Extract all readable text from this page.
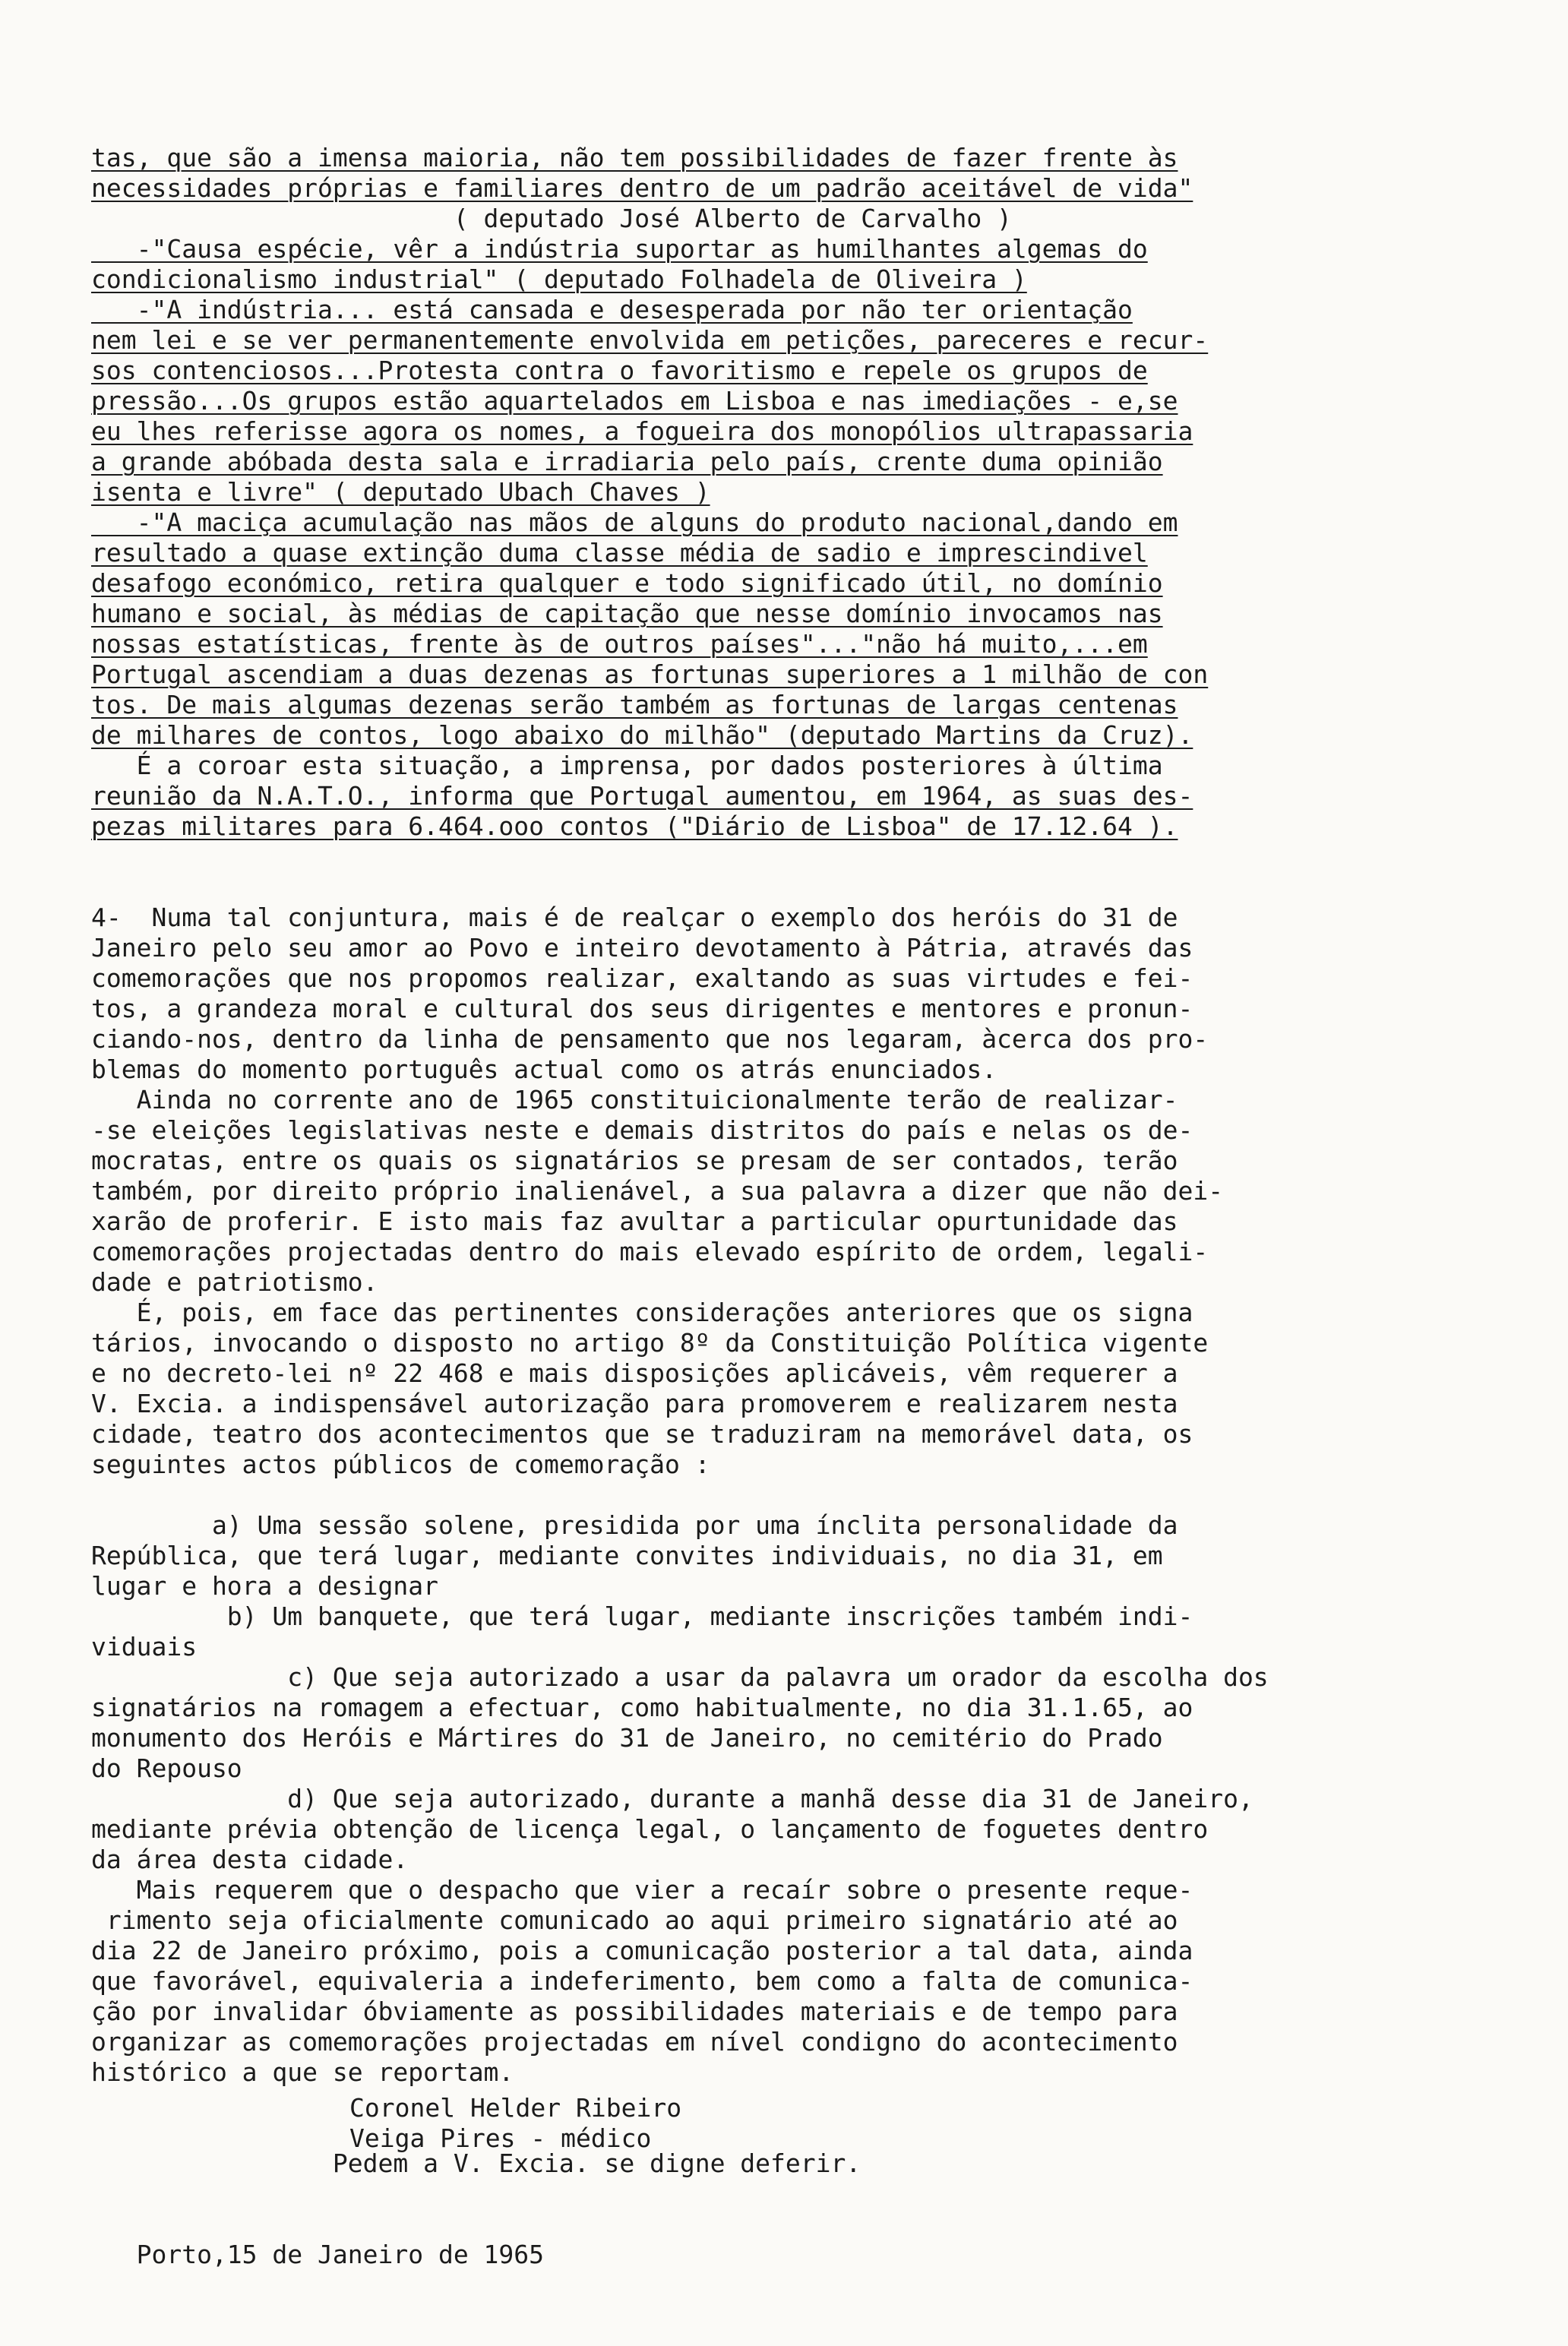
tas, que são a imensa maioria, não tem possibilidades de fazer frente às
necessidades próprias e familiares dentro de um padrão aceitável de vida"
( deputado José Alberto de Carvalho )
-"Causa espécie, vêr a indústria suportar as humilhantes algemas do
condicionalismo industrial" ( deputado Folhadela de Oliveira )
-"A indústria... está cansada e desesperada por não ter orientação
nem lei e se ver permanentemente envolvida em petições, pareceres e recur-
sos contenciosos...Protesta contra o favoritismo e repele os grupos de
pressão...Os grupos estão aquartelados em Lisboa e nas imediações - e,se
eu lhes referisse agora os nomes, a fogueira dos monopólios ultrapassaria
a grande abóbada desta sala e irradiaria pelo país, crente duma opinião
isenta e livre" ( deputado Ubach Chaves )
-"A maciça acumulação nas mãos de alguns do produto nacional,dando em
resultado a quase extinção duma classe média de sadio e imprescindivel
desafogo económico, retira qualquer e todo significado útil, no domínio
humano e social, às médias de capitação que nesse domínio invocamos nas
nossas estatísticas, frente às de outros países"..."não há muito,...em
Portugal ascendiam a duas dezenas as fortunas superiores a 1 milhão de con
tos. De mais algumas dezenas serão também as fortunas de largas centenas
de milhares de contos, logo abaixo do milhão" (deputado Martins da Cruz).
É a coroar esta situação, a imprensa, por dados posteriores à última
reunião da N.A.T.O., informa que Portugal aumentou, em 1964, as suas des-
pezas militares para 6.464.ooo contos ("Diário de Lisboa" de 17.12.64 ).
4-  Numa tal conjuntura, mais é de realçar o exemplo dos heróis do 31 de
Janeiro pelo seu amor ao Povo e inteiro devotamento à Pátria, através das
comemorações que nos propomos realizar, exaltando as suas virtudes e fei-
tos, a grandeza moral e cultural dos seus dirigentes e mentores e pronun-
ciando-nos, dentro da linha de pensamento que nos legaram, àcerca dos pro-
blemas do momento português actual como os atrás enunciados.
Ainda no corrente ano de 1965 constituicionalmente terão de realizar-
-se eleições legislativas neste e demais distritos do país e nelas os de-
mocratas, entre os quais os signatários se presam de ser contados, terão
também, por direito próprio inalienável, a sua palavra a dizer que não dei-
xarão de proferir. E isto mais faz avultar a particular opurtunidade das
comemorações projectadas dentro do mais elevado espírito de ordem, legali-
dade e patriotismo.
É, pois, em face das pertinentes considerações anteriores que os signa
tários, invocando o disposto no artigo 8º da Constituição Política vigente
e no decreto-lei nº 22 468 e mais disposições aplicáveis, vêm requerer a
V. Excia. a indispensável autorização para promoverem e realizarem nesta
cidade, teatro dos acontecimentos que se traduziram na memorável data, os
seguintes actos públicos de comemoração :
a) Uma sessão solene, presidida por uma ínclita personalidade da
República, que terá lugar, mediante convites individuais, no dia 31, em
lugar e hora a designar
b) Um banquete, que terá lugar, mediante inscrições também indi-
viduais
c) Que seja autorizado a usar da palavra um orador da escolha dos
signatários na romagem a efectuar, como habitualmente, no dia 31.1.65, ao
monumento dos Heróis e Mártires do 31 de Janeiro, no cemitério do Prado
do Repouso
d) Que seja autorizado, durante a manhã desse dia 31 de Janeiro,
mediante prévia obtenção de licença legal, o lançamento de foguetes dentro
da área desta cidade.
Mais requerem que o despacho que vier a recaír sobre o presente reque-
rimento seja oficialmente comunicado ao aqui primeiro signatário até ao
dia 22 de Janeiro próximo, pois a comunicação posterior a tal data, ainda
que favorável, equivaleria a indeferimento, bem como a falta de comunica-
ção por invalidar óbviamente as possibilidades materiais e de tempo para
organizar as comemorações projectadas em nível condigno do acontecimento
histórico a que se reportam.
Pedem a V. Excia. se digne deferir.
Porto,15 de Janeiro de 1965
Coronel Helder Ribeiro
Veiga Pires - médico
